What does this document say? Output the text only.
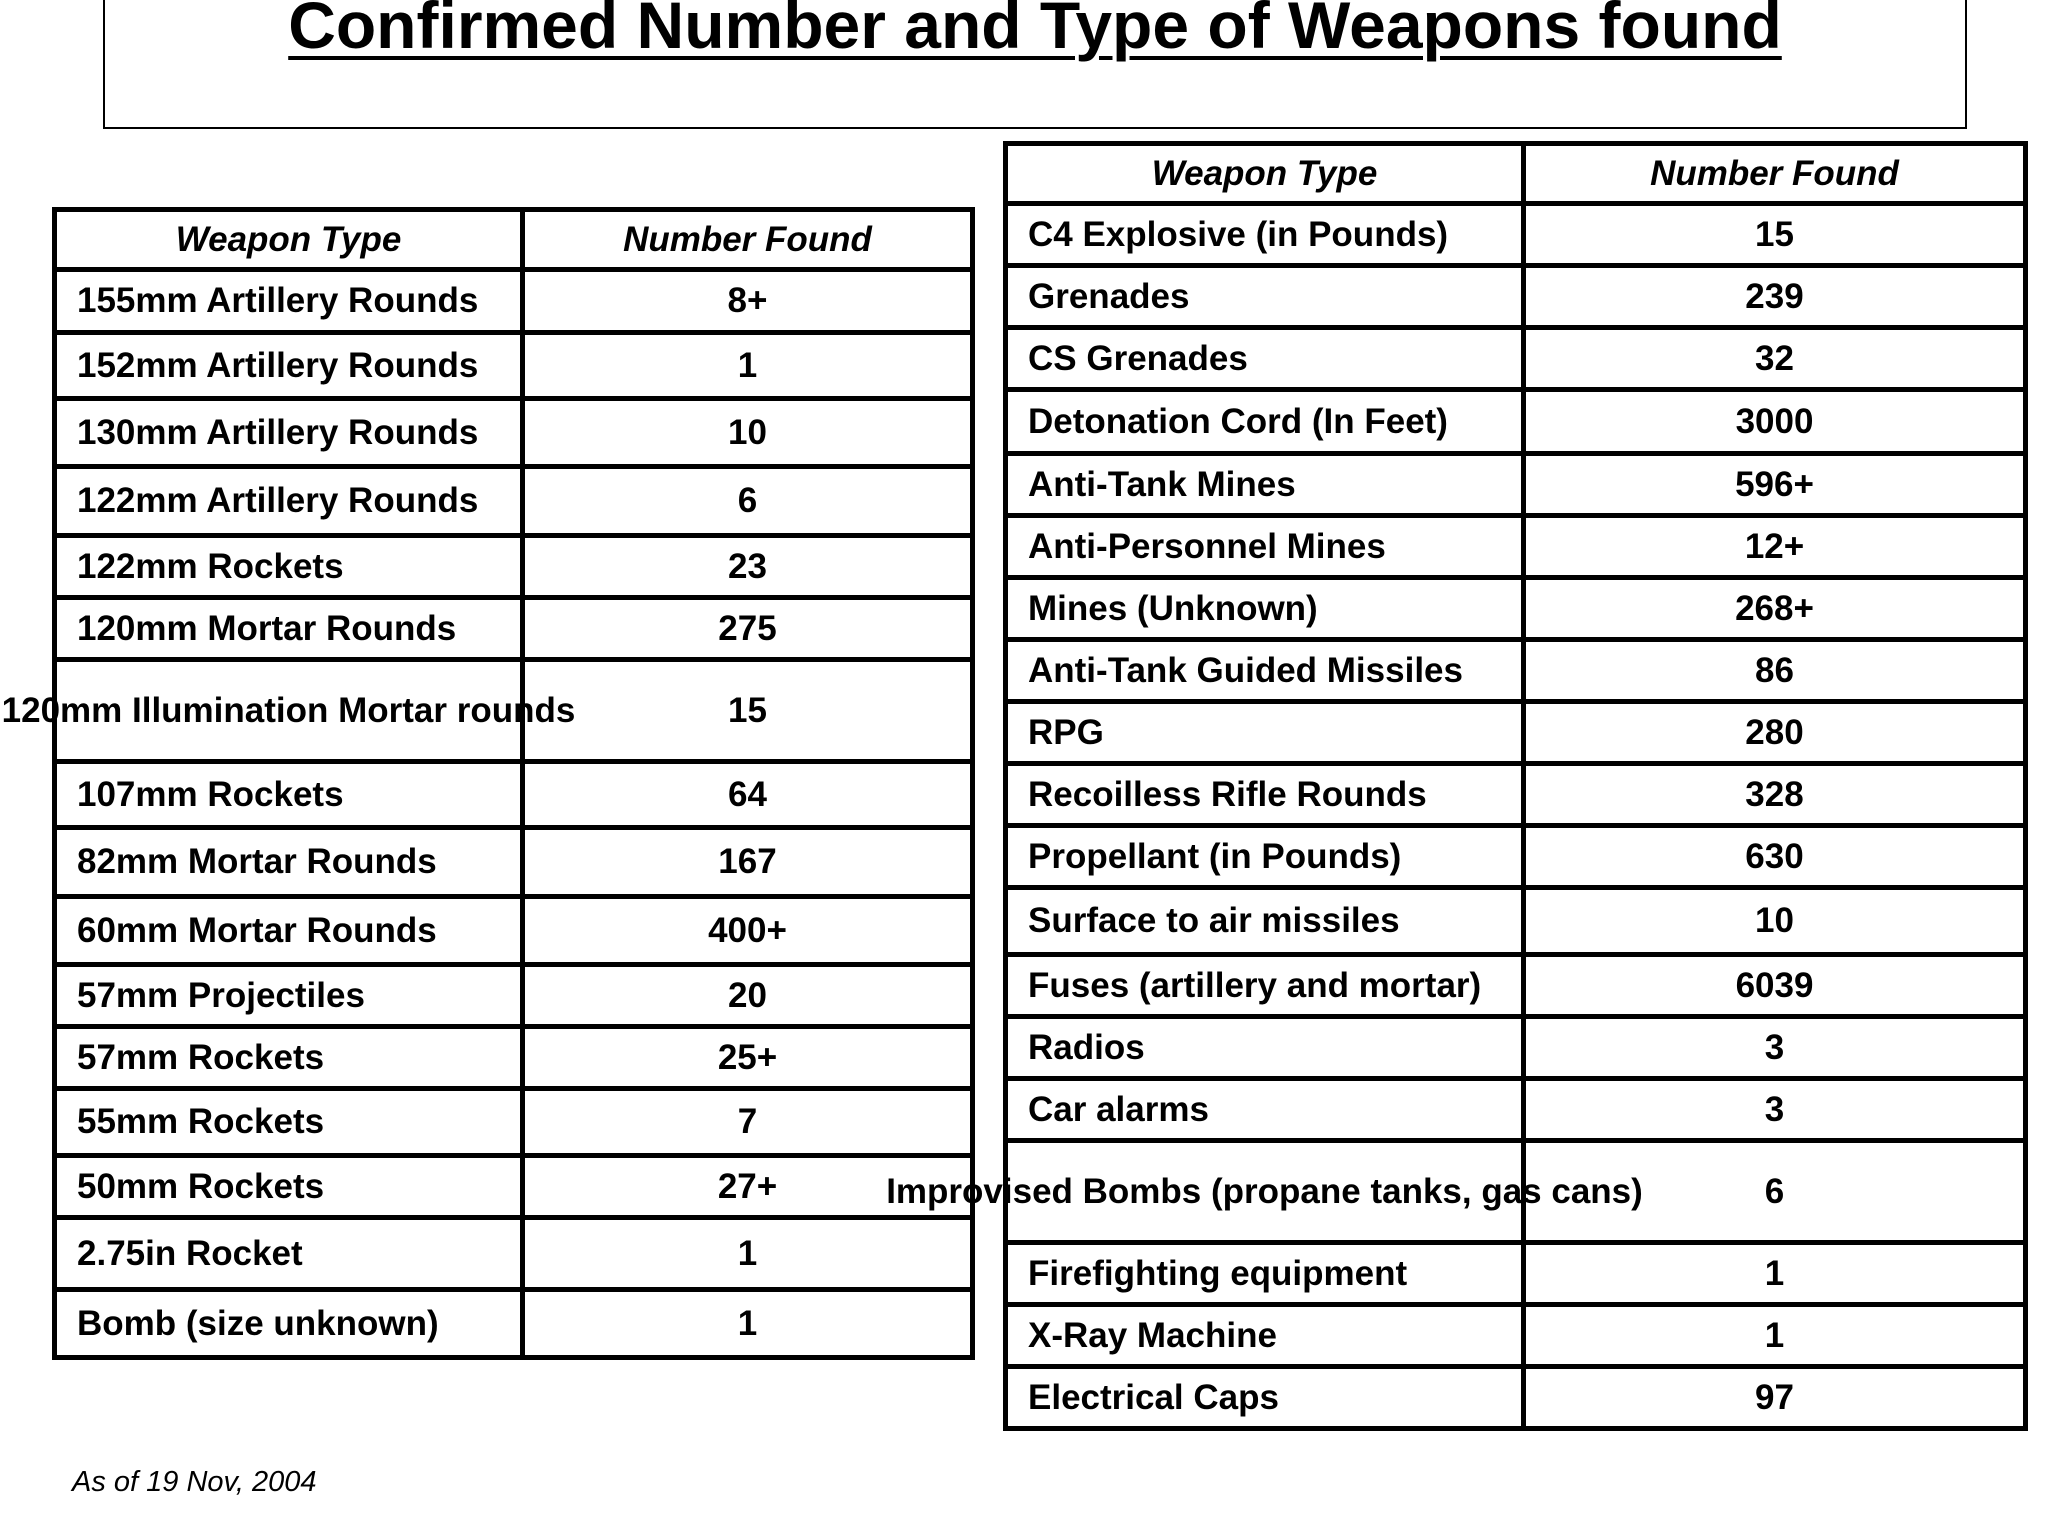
Confirmed Number and Type of Weapons found
Weapon Type	Number Found
155mm Artillery Rounds	8+
152mm Artillery Rounds	1
130mm Artillery Rounds	10
122mm Artillery Rounds	6
122mm Rockets	23
120mm Mortar Rounds	275
120mm Illumination Mortar rounds	15
107mm Rockets	64
82mm Mortar Rounds	167
60mm Mortar Rounds	400+
57mm Projectiles	20
57mm Rockets	25+
55mm Rockets	7
50mm Rockets	27+
2.75in Rocket	1
Bomb (size unknown)	1
Weapon Type	Number Found
C4 Explosive (in Pounds)	15
Grenades	239
CS Grenades	32
Detonation Cord (In Feet)	3000
Anti-Tank Mines	596+
Anti-Personnel Mines	12+
Mines (Unknown)	268+
Anti-Tank Guided Missiles	86
RPG	280
Recoilless Rifle Rounds	328
Propellant (in Pounds)	630
Surface to air missiles	10
Fuses (artillery and mortar)	6039
Radios	3
Car alarms	3
Improvised Bombs (propane tanks, gas cans)	6
Firefighting equipment	1
X-Ray Machine	1
Electrical Caps	97
As of 19 Nov, 2004
